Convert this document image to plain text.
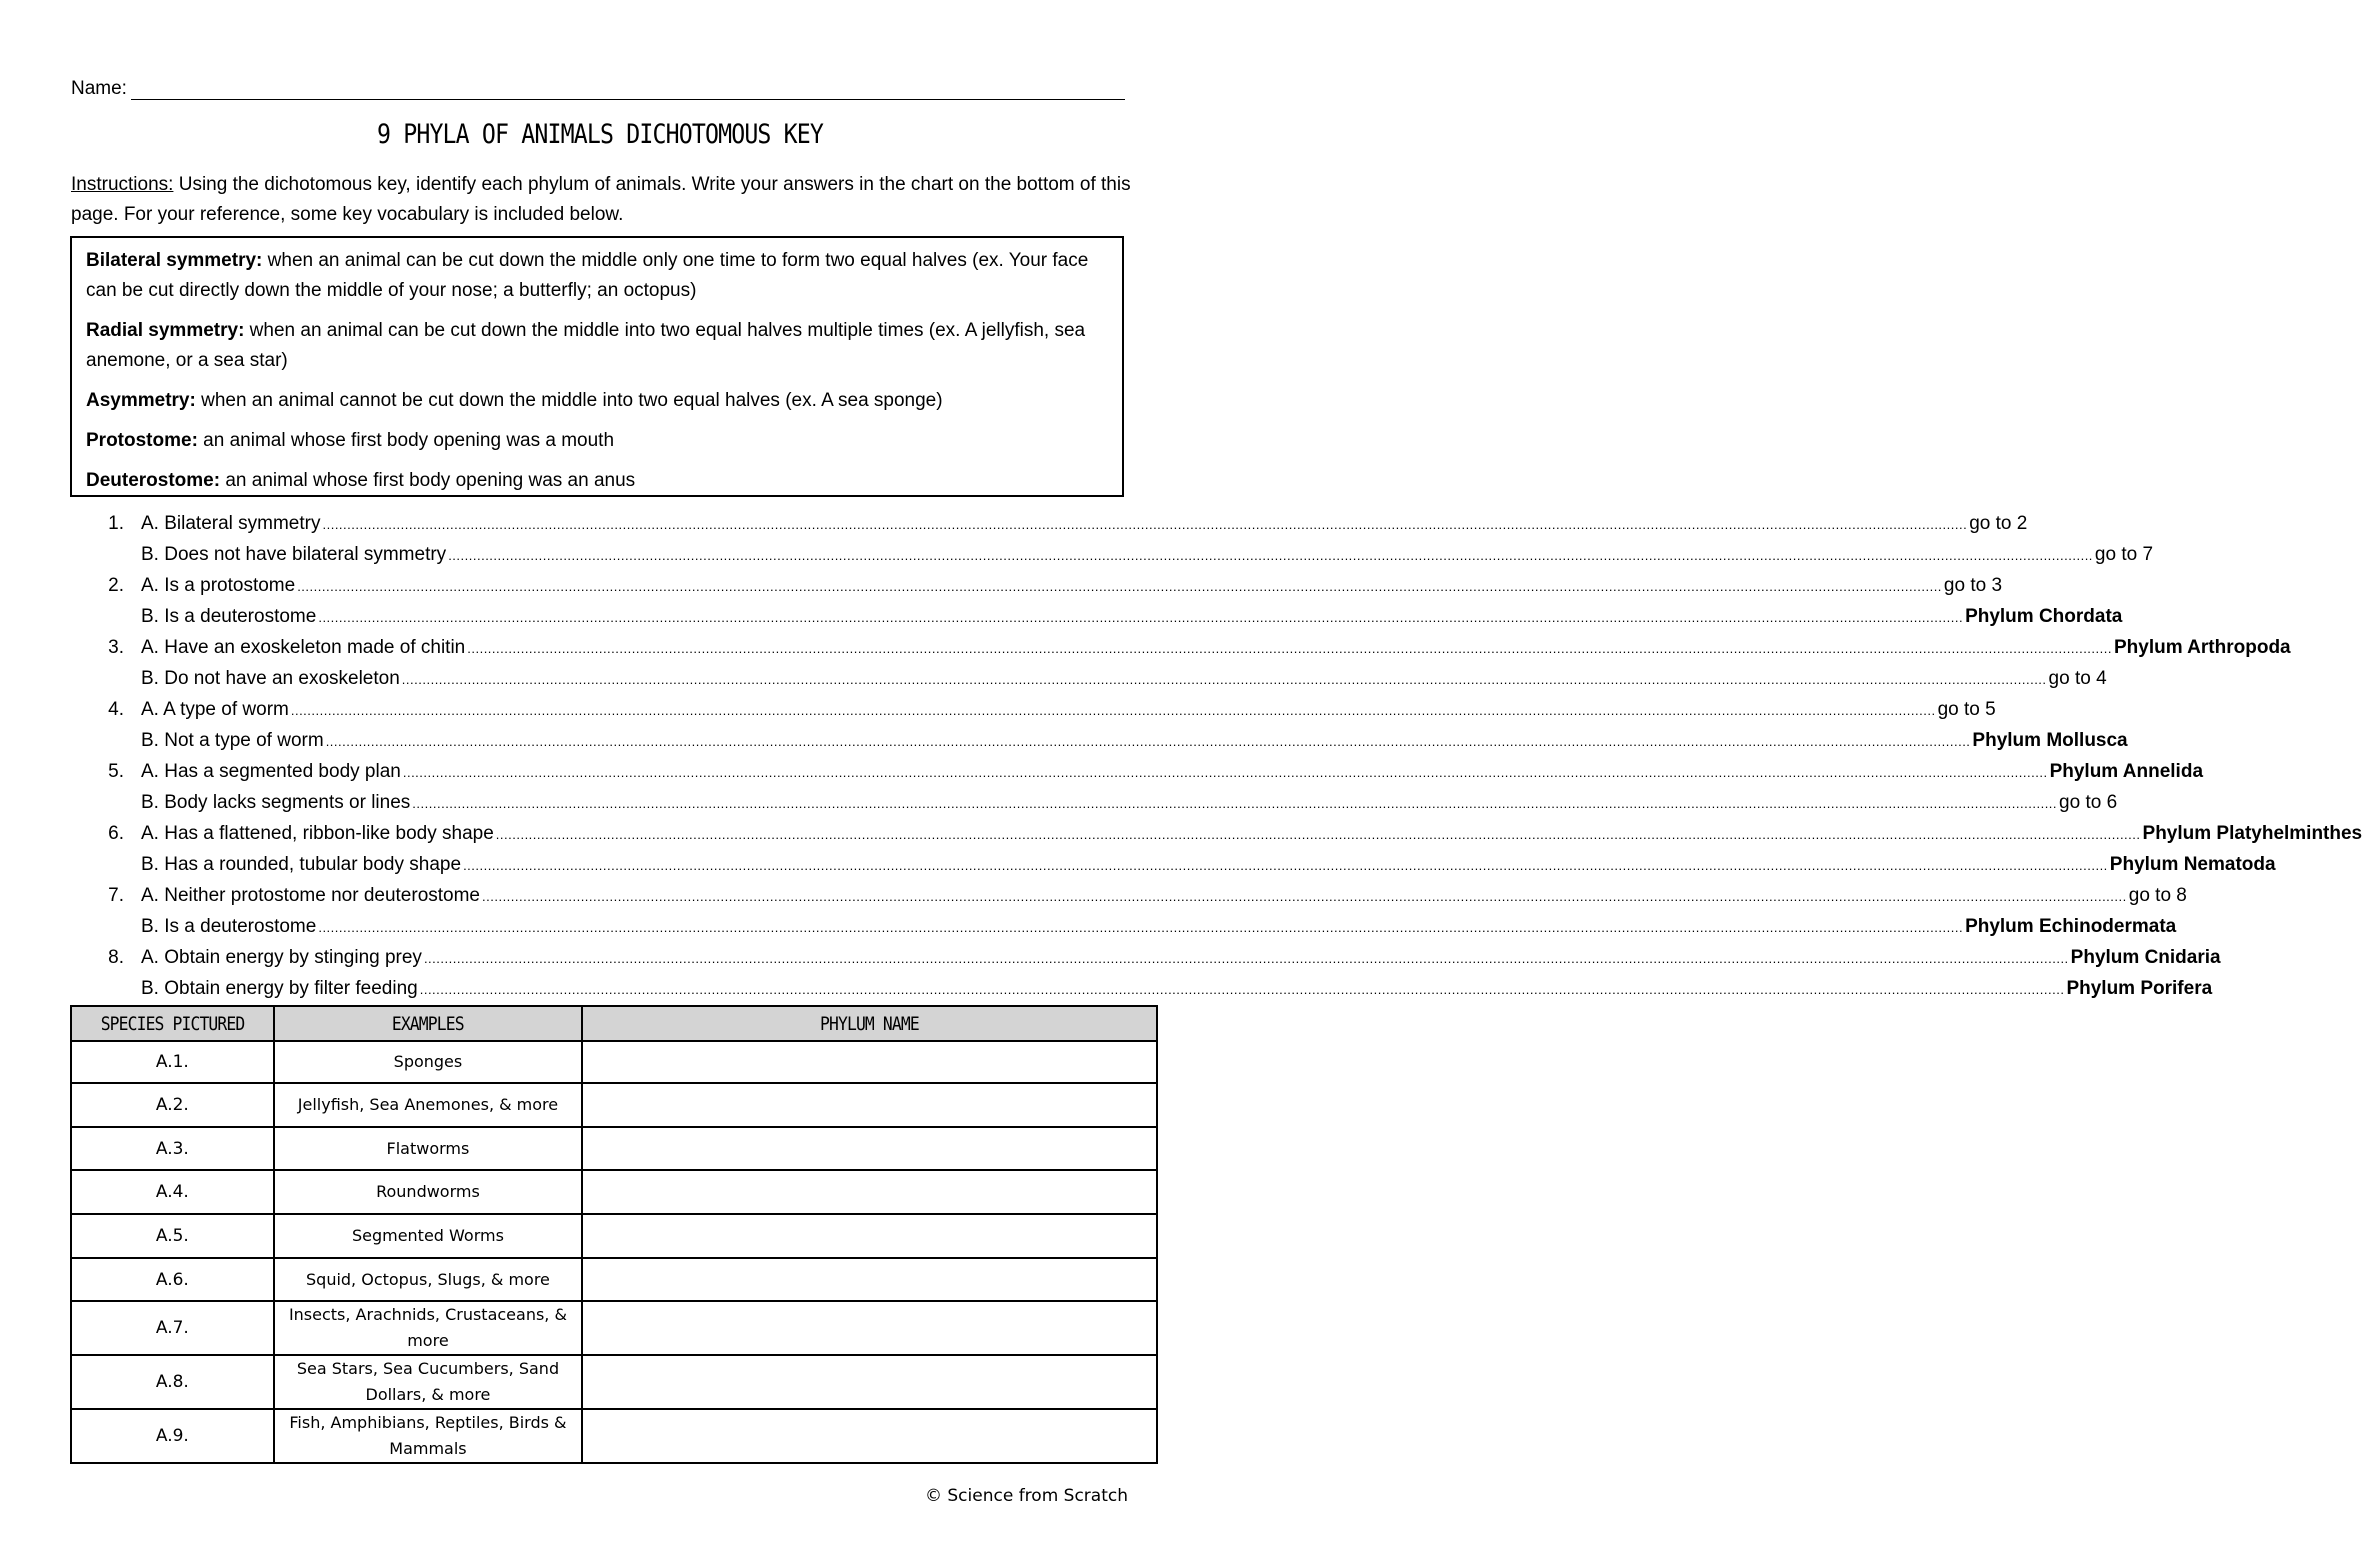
Name:
9 PHYLA OF ANIMALS DICHOTOMOUS KEY
Instructions: Using the dichotomous key, identify each phylum of animals. Write your answers in the chart on the bottom of this page. For your reference, some key vocabulary is included below.

Bilateral symmetry: when an animal can be cut down the middle only one time to form two equal halves (ex. Your face can be cut directly down the middle of your nose; a butterfly; an octopus)

Radial symmetry: when an animal can be cut down the middle into two equal halves multiple times (ex. A jellyfish, sea anemone, or a sea star)

Asymmetry: when an animal cannot be cut down the middle into two equal halves (ex. A sea sponge)

Protostome: an animal whose first body opening was a mouth

Deuterostome: an animal whose first body opening was an anus

1. A. Bilateral symmetry ................................................................................................................................................................................................................................................................................................................................................................................................................ go to 2
B. Does not have bilateral symmetry ................................................................................................................................................................................................................................................................................................................................................................................................................ go to 7
2. A. Is a protostome ................................................................................................................................................................................................................................................................................................................................................................................................................ go to 3
B. Is a deuterostome ................................................................................................................................................................................................................................................................................................................................................................................................................ Phylum Chordata
3. A. Have an exoskeleton made of chitin ................................................................................................................................................................................................................................................................................................................................................................................................................ Phylum Arthropoda
B. Do not have an exoskeleton ................................................................................................................................................................................................................................................................................................................................................................................................................ go to 4
4. A. A type of worm ................................................................................................................................................................................................................................................................................................................................................................................................................ go to 5
B. Not a type of worm ................................................................................................................................................................................................................................................................................................................................................................................................................ Phylum Mollusca
5. A. Has a segmented body plan ................................................................................................................................................................................................................................................................................................................................................................................................................ Phylum Annelida
B. Body lacks segments or lines ................................................................................................................................................................................................................................................................................................................................................................................................................ go to 6
6. A. Has a flattened, ribbon-like body shape ................................................................................................................................................................................................................................................................................................................................................................................................................ Phylum Platyhelminthes
B. Has a rounded, tubular body shape ................................................................................................................................................................................................................................................................................................................................................................................................................ Phylum Nematoda
7. A. Neither protostome nor deuterostome ................................................................................................................................................................................................................................................................................................................................................................................................................ go to 8
B. Is a deuterostome ................................................................................................................................................................................................................................................................................................................................................................................................................ Phylum Echinodermata
8. A. Obtain energy by stinging prey ................................................................................................................................................................................................................................................................................................................................................................................................................ Phylum Cnidaria
B. Obtain energy by filter feeding ................................................................................................................................................................................................................................................................................................................................................................................................................ Phylum Porifera
SPECIES PICTURED	EXAMPLES	PHYLUM NAME
A.1.	Sponges	
A.2.	Jellyfish, Sea Anemones, & more	
A.3.	Flatworms	
A.4.	Roundworms	
A.5.	Segmented Worms	
A.6.	Squid, Octopus, Slugs, & more	
A.7.	Insects, Arachnids, Crustaceans, & more	
A.8.	Sea Stars, Sea Cucumbers, Sand Dollars, & more	
A.9.	Fish, Amphibians, Reptiles, Birds & Mammals	
© Science from Scratch
